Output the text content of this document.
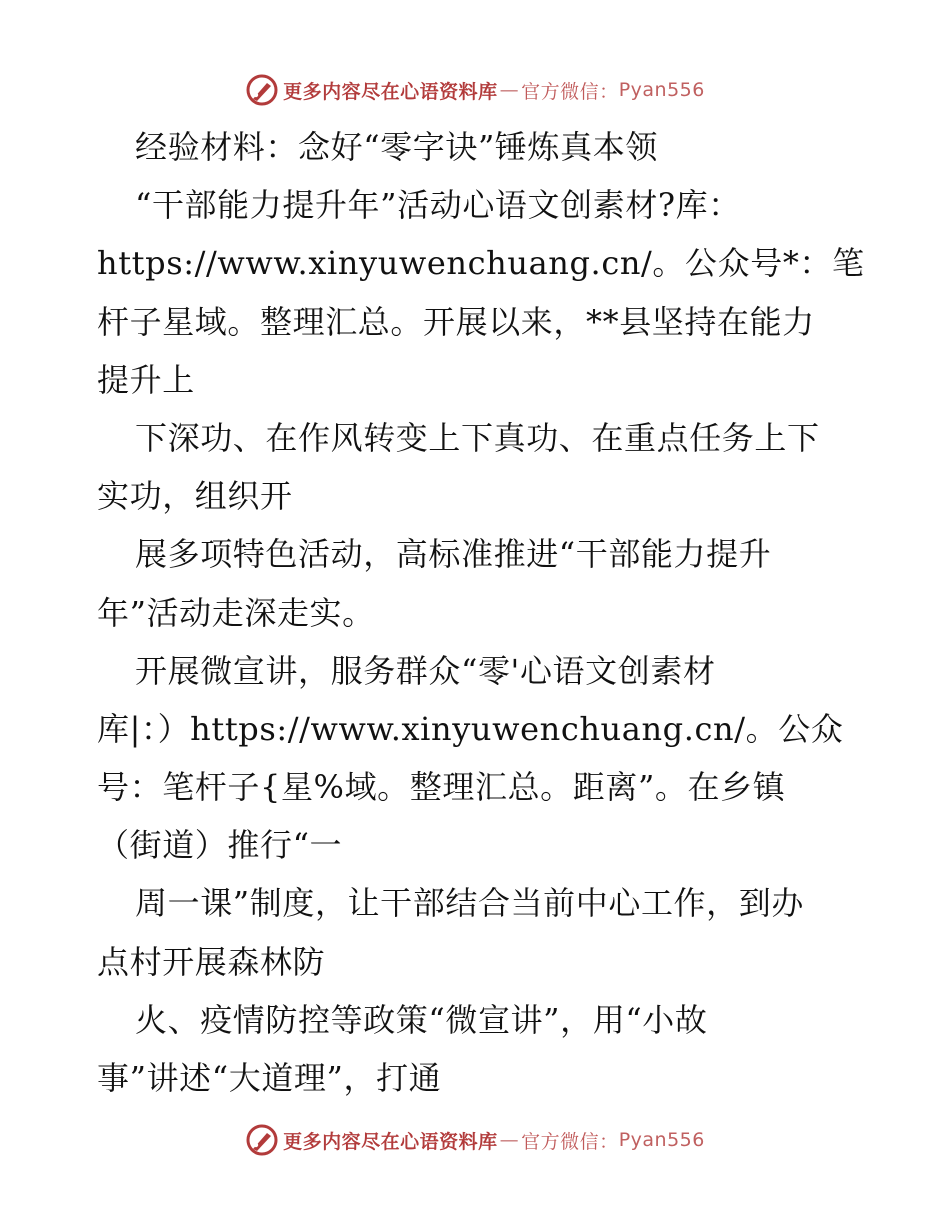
更多内容尽在心语资料库 — 官方微信： Pyan556
经验材料：念好“零字诀”锤炼真本领
“干部能力提升年”活动心语文创素材?库：
https://www.xinyuwenchuang.cn/。公众号*：笔
杆子星域。整理汇总。开展以来，**县坚持在能力
提升上
下深功、在作风转变上下真功、在重点任务上下
实功，组织开
展多项特色活动，高标准推进“干部能力提升
年”活动走深走实。
开展微宣讲，服务群众“零'心语文创素材
库|：）https://www.xinyuwenchuang.cn/。公众
号：笔杆子{星%域。整理汇总。距离”。在乡镇
（街道）推行“一
周一课”制度，让干部结合当前中心工作，到办
点村开展森林防
火、疫情防控等政策“微宣讲”，用“小故
事”讲述“大道理”，打通
更多内容尽在心语资料库 — 官方微信： Pyan556
